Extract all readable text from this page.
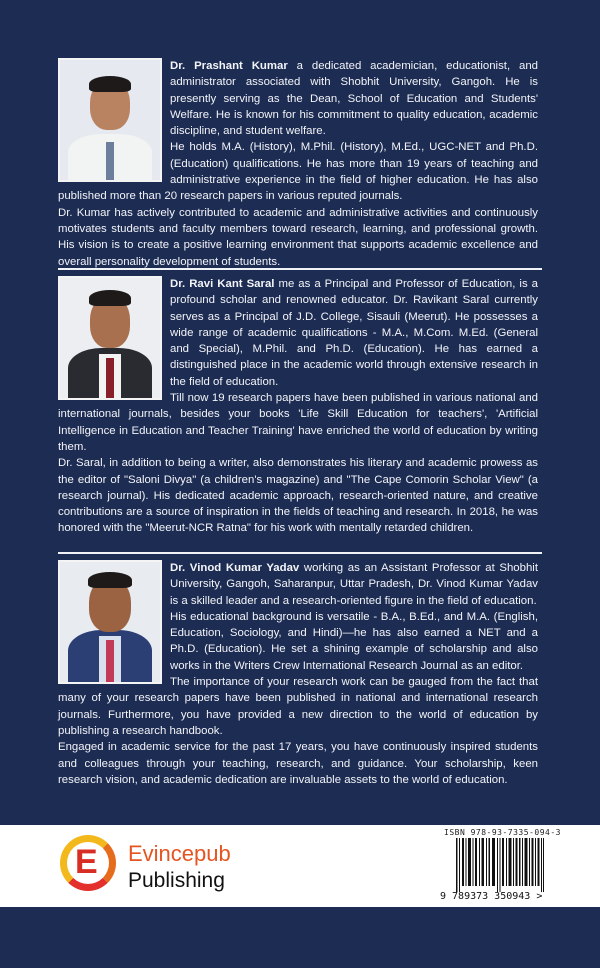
Dr. Prashant Kumar a dedicated academician, educationist, and administrator associated with Shobhit University, Gangoh. He is presently serving as the Dean, School of Education and Students' Welfare. He is known for his commitment to quality education, academic discipline, and student welfare.

He holds M.A. (History), M.Phil. (History), M.Ed., UGC-NET and Ph.D. (Education) qualifications. He has more than 19 years of teaching and administrative experience in the field of higher education. He has also published more than 20 research papers in various reputed journals.

Dr. Kumar has actively contributed to academic and administrative activities and continuously motivates students and faculty members toward research, learning, and professional growth. His vision is to create a positive learning environment that supports academic excellence and overall personality development of students.

Dr. Ravi Kant Saral me as a Principal and Professor of Education, is a profound scholar and renowned educator. Dr. Ravikant Saral currently serves as a Principal of J.D. College, Sisauli (Meerut). He possesses a wide range of academic qualifications - M.A., M.Com. M.Ed. (General and Special), M.Phil. and Ph.D. (Education). He has earned a distinguished place in the academic world through extensive research in the field of education.

Till now 19 research papers have been published in various national and international journals, besides your books 'Life Skill Education for teachers', 'Artificial Intelligence in Education and Teacher Training' have enriched the world of education by writing them.

Dr. Saral, in addition to being a writer, also demonstrates his literary and academic prowess as the editor of "Saloni Divya" (a children's magazine) and "The Cape Comorin Scholar View" (a research journal). His dedicated academic approach, research-oriented nature, and creative contributions are a source of inspiration in the fields of teaching and research. In 2018, he was honored with the "Meerut-NCR Ratna" for his work with mentally retarded children.

Dr. Vinod Kumar Yadav working as an Assistant Professor at Shobhit University, Gangoh, Saharanpur, Uttar Pradesh, Dr. Vinod Kumar Yadav is a skilled leader and a research-oriented figure in the field of education.

His educational background is versatile - B.A., B.Ed., and M.A. (English, Education, Sociology, and Hindi)—he has also earned a NET and a Ph.D. (Education). He set a shining example of scholarship and also works in the Writers Crew International Research Journal as an editor.

The importance of your research work can be gauged from the fact that many of your research papers have been published in national and international research journals. Furthermore, you have provided a new direction to the world of education by publishing a research handbook.

Engaged in academic service for the past 17 years, you have continuously inspired students and colleagues through your teaching, research, and guidance. Your scholarship, keen research vision, and academic dedication are invaluable assets to the world of education.

E Evincepub
Publishing
ISBN 978-93-7335-094-3
9 789373 350943 >
